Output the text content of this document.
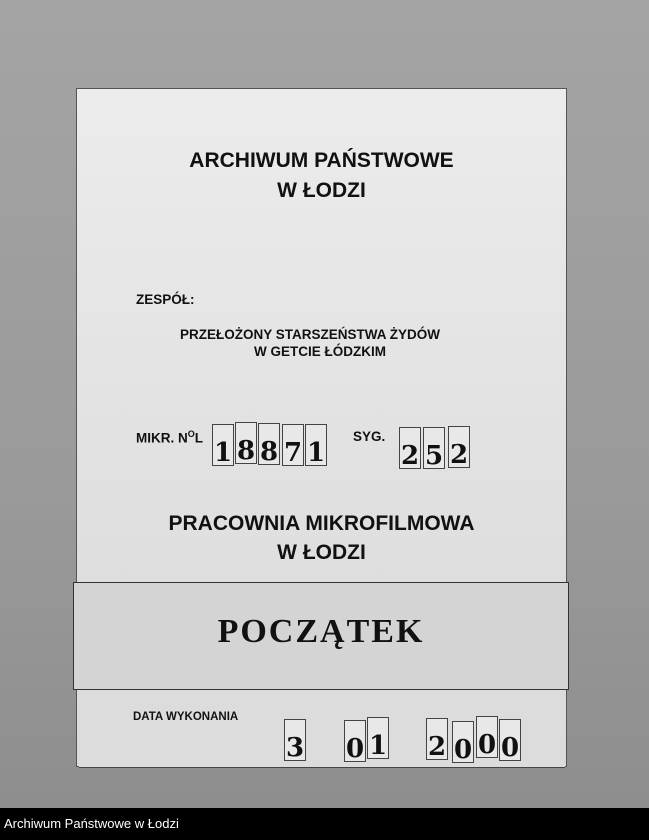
ARCHIWUM PAŃSTWOWE
W ŁODZI
ZESPÓŁ:
PRZEŁOŻONY STARSZEŃSTWA ŻYDÓW
W GETCIE ŁÓDZKIM
MIKR. $N^OL$ 1 8 8 7 1
SYG.
2 5 2
PRACOWNIA MIKROFILMOWA
W ŁODZI
POCZĄTEK
DATA WYKONANIA
3 0 1 2 0 0 0
Archiwum Państwowe w Łodzi
